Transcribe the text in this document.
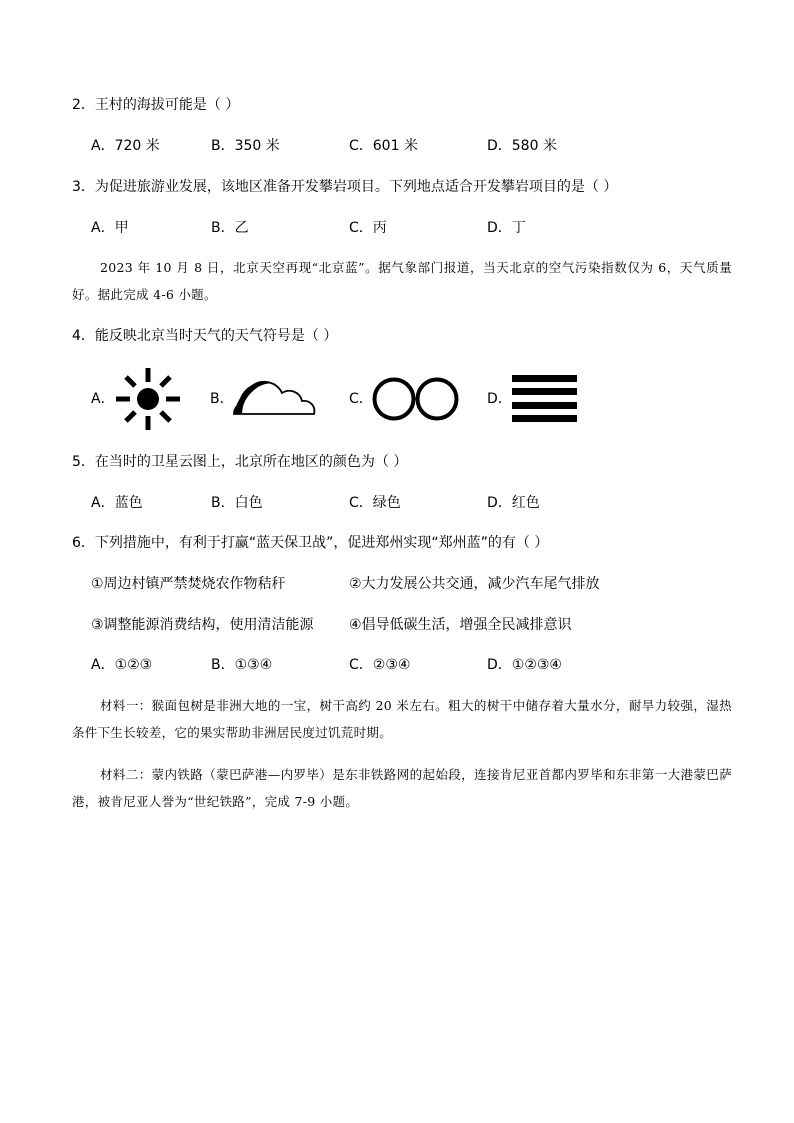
2．王村的海拔可能是（ ）
A．720 米	B．350 米	C．601 米	D．580 米
3．为促进旅游业发展，该地区准备开发攀岩项目。下列地点适合开发攀岩项目的是（ ）
A．甲	B．乙	C．丙	D．丁
2023 年 10 月 8 日，北京天空再现“北京蓝”。据气象部门报道，当天北京的空气污染指数仅为 6，天气质量好。据此完成 4-6 小题。
4．能反映北京当时天气的天气符号是（ ）
A．	B．	C．	D．
5．在当时的卫星云图上，北京所在地区的颜色为（ ）
A．蓝色	B．白色	C．绿色	D．红色
6．下列措施中，有利于打赢“蓝天保卫战”，促进郑州实现“郑州蓝”的有（ ）
①周边村镇严禁焚烧农作物秸秆	②大力发展公共交通，减少汽车尾气排放
③调整能源消费结构，使用清洁能源	④倡导低碳生活，增强全民减排意识
A．①②③	B．①③④	C．②③④	D．①②③④
材料一：猴面包树是非洲大地的一宝，树干高约 20 米左右。粗大的树干中储存着大量水分，耐旱力较强，湿热条件下生长较差，它的果实帮助非洲居民度过饥荒时期。
材料二：蒙内铁路（蒙巴萨港—内罗毕）是东非铁路网的起始段，连接肯尼亚首都内罗毕和东非第一大港蒙巴萨港，被肯尼亚人誉为“世纪铁路”，完成 7-9 小题。
